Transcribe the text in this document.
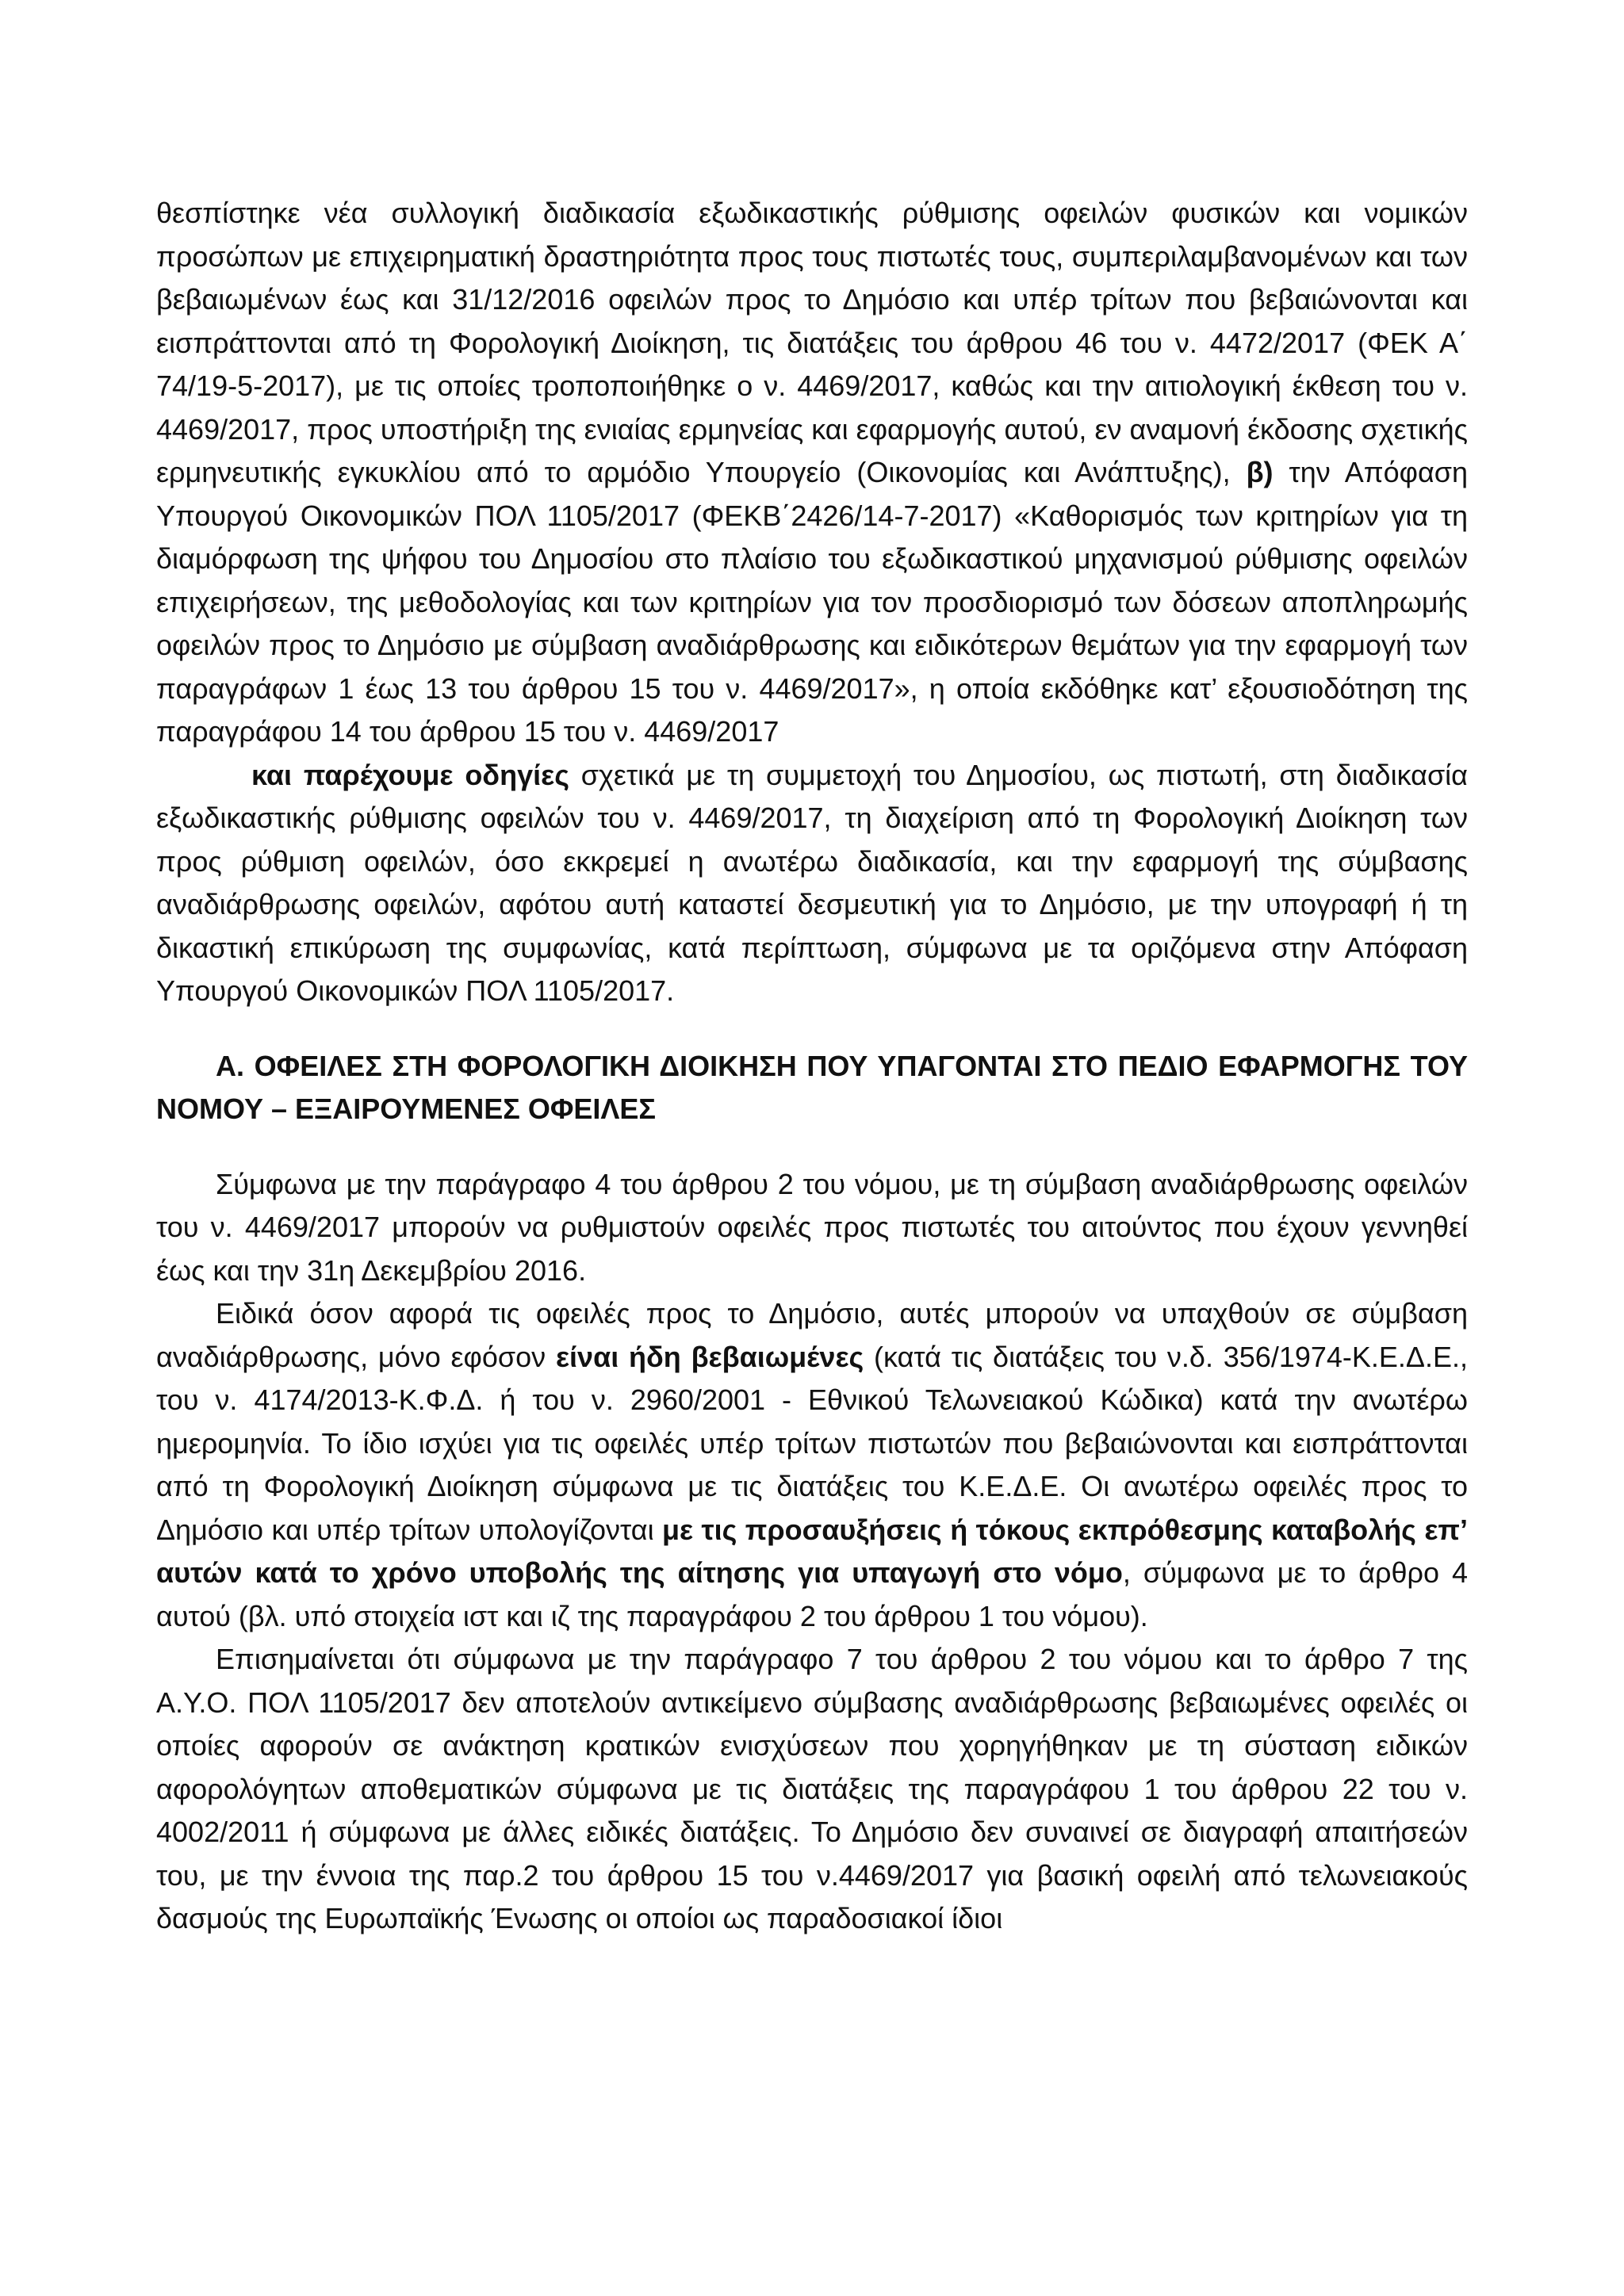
θεσπίστηκε νέα συλλογική διαδικασία εξωδικαστικής ρύθμισης οφειλών φυσικών και νομικών προσώπων με επιχειρηματική δραστηριότητα προς τους πιστωτές τους, συμπεριλαμβανομένων και των βεβαιωμένων έως και 31/12/2016 οφειλών προς το Δημόσιο και υπέρ τρίτων που βεβαιώνονται και εισπράττονται από τη Φορολογική Διοίκηση, τις διατάξεις του άρθρου 46 του ν. 4472/2017 (ΦΕΚ Α΄ 74/19-5-2017), με τις οποίες τροποποιήθηκε ο ν. 4469/2017, καθώς και την αιτιολογική έκθεση του ν. 4469/2017, προς υποστήριξη της ενιαίας ερμηνείας και εφαρμογής αυτού, εν αναμονή έκδοσης σχετικής ερμηνευτικής εγκυκλίου από το αρμόδιο Υπουργείο (Οικονομίας και Ανάπτυξης), β) την Απόφαση Υπουργού Οικονομικών ΠΟΛ 1105/2017 (ΦΕΚΒ΄2426/14-7-2017) «Καθορισμός των κριτηρίων για τη διαμόρφωση της ψήφου του Δημοσίου στο πλαίσιο του εξωδικαστικού μηχανισμού ρύθμισης οφειλών επιχειρήσεων, της μεθοδολογίας και των κριτηρίων για τον προσδιορισμό των δόσεων αποπληρωμής οφειλών προς το Δημόσιο με σύμβαση αναδιάρθρωσης και ειδικότερων θεμάτων για την εφαρμογή των παραγράφων 1 έως 13 του άρθρου 15 του ν. 4469/2017», η οποία εκδόθηκε κατ’ εξουσιοδότηση της παραγράφου 14 του άρθρου 15 του ν. 4469/2017

και παρέχουμε οδηγίες σχετικά με τη συμμετοχή του Δημοσίου, ως πιστωτή, στη διαδικασία εξωδικαστικής ρύθμισης οφειλών του ν. 4469/2017, τη διαχείριση από τη Φορολογική Διοίκηση των προς ρύθμιση οφειλών, όσο εκκρεμεί η ανωτέρω διαδικασία, και την εφαρμογή της σύμβασης αναδιάρθρωσης οφειλών, αφότου αυτή καταστεί δεσμευτική για το Δημόσιο, με την υπογραφή ή τη δικαστική επικύρωση της συμφωνίας, κατά περίπτωση, σύμφωνα με τα οριζόμενα στην Απόφαση Υπουργού Οικονομικών ΠΟΛ 1105/2017.

Α. ΟΦΕΙΛΕΣ ΣΤΗ ΦΟΡΟΛΟΓΙΚΗ ΔΙΟΙΚΗΣΗ ΠΟΥ ΥΠΑΓΟΝΤΑΙ ΣΤΟ ΠΕΔΙΟ ΕΦΑΡΜΟΓΗΣ ΤΟΥ ΝΟΜΟΥ – ΕΞΑΙΡΟΥΜΕΝΕΣ ΟΦΕΙΛΕΣ

Σύμφωνα με την παράγραφο 4 του άρθρου 2 του νόμου, με τη σύμβαση αναδιάρθρωσης οφειλών του ν. 4469/2017 μπορούν να ρυθμιστούν οφειλές προς πιστωτές του αιτούντος που έχουν γεννηθεί έως και την 31η Δεκεμβρίου 2016.

Ειδικά όσον αφορά τις οφειλές προς το Δημόσιο, αυτές μπορούν να υπαχθούν σε σύμβαση αναδιάρθρωσης, μόνο εφόσον είναι ήδη βεβαιωμένες (κατά τις διατάξεις του ν.δ. 356/1974-Κ.Ε.Δ.Ε., του ν. 4174/2013-Κ.Φ.Δ. ή του ν. 2960/2001 - Εθνικού Τελωνειακού Κώδικα) κατά την ανωτέρω ημερομηνία. Το ίδιο ισχύει για τις οφειλές υπέρ τρίτων πιστωτών που βεβαιώνονται και εισπράττονται από τη Φορολογική Διοίκηση σύμφωνα με τις διατάξεις του Κ.Ε.Δ.Ε. Οι ανωτέρω οφειλές προς το Δημόσιο και υπέρ τρίτων υπολογίζονται με τις προσαυξήσεις ή τόκους εκπρόθεσμης καταβολής επ’ αυτών κατά το χρόνο υποβολής της αίτησης για υπαγωγή στο νόμο, σύμφωνα με το άρθρο 4 αυτού (βλ. υπό στοιχεία ιστ και ιζ της παραγράφου 2 του άρθρου 1 του νόμου).

Επισημαίνεται ότι σύμφωνα με την παράγραφο 7 του άρθρου 2 του νόμου και το άρθρο 7 της Α.Υ.Ο. ΠΟΛ 1105/2017 δεν αποτελούν αντικείμενο σύμβασης αναδιάρθρωσης βεβαιωμένες οφειλές οι οποίες αφορούν σε ανάκτηση κρατικών ενισχύσεων που χορηγήθηκαν με τη σύσταση ειδικών αφορολόγητων αποθεματικών σύμφωνα με τις διατάξεις της παραγράφου 1 του άρθρου 22 του ν. 4002/2011 ή σύμφωνα με άλλες ειδικές διατάξεις. Το Δημόσιο δεν συναινεί σε διαγραφή απαιτήσεών του, με την έννοια της παρ.2 του άρθρου 15 του ν.4469/2017 για βασική οφειλή από τελωνειακούς δασμούς της Ευρωπαϊκής Ένωσης οι οποίοι ως παραδοσιακοί ίδιοι
